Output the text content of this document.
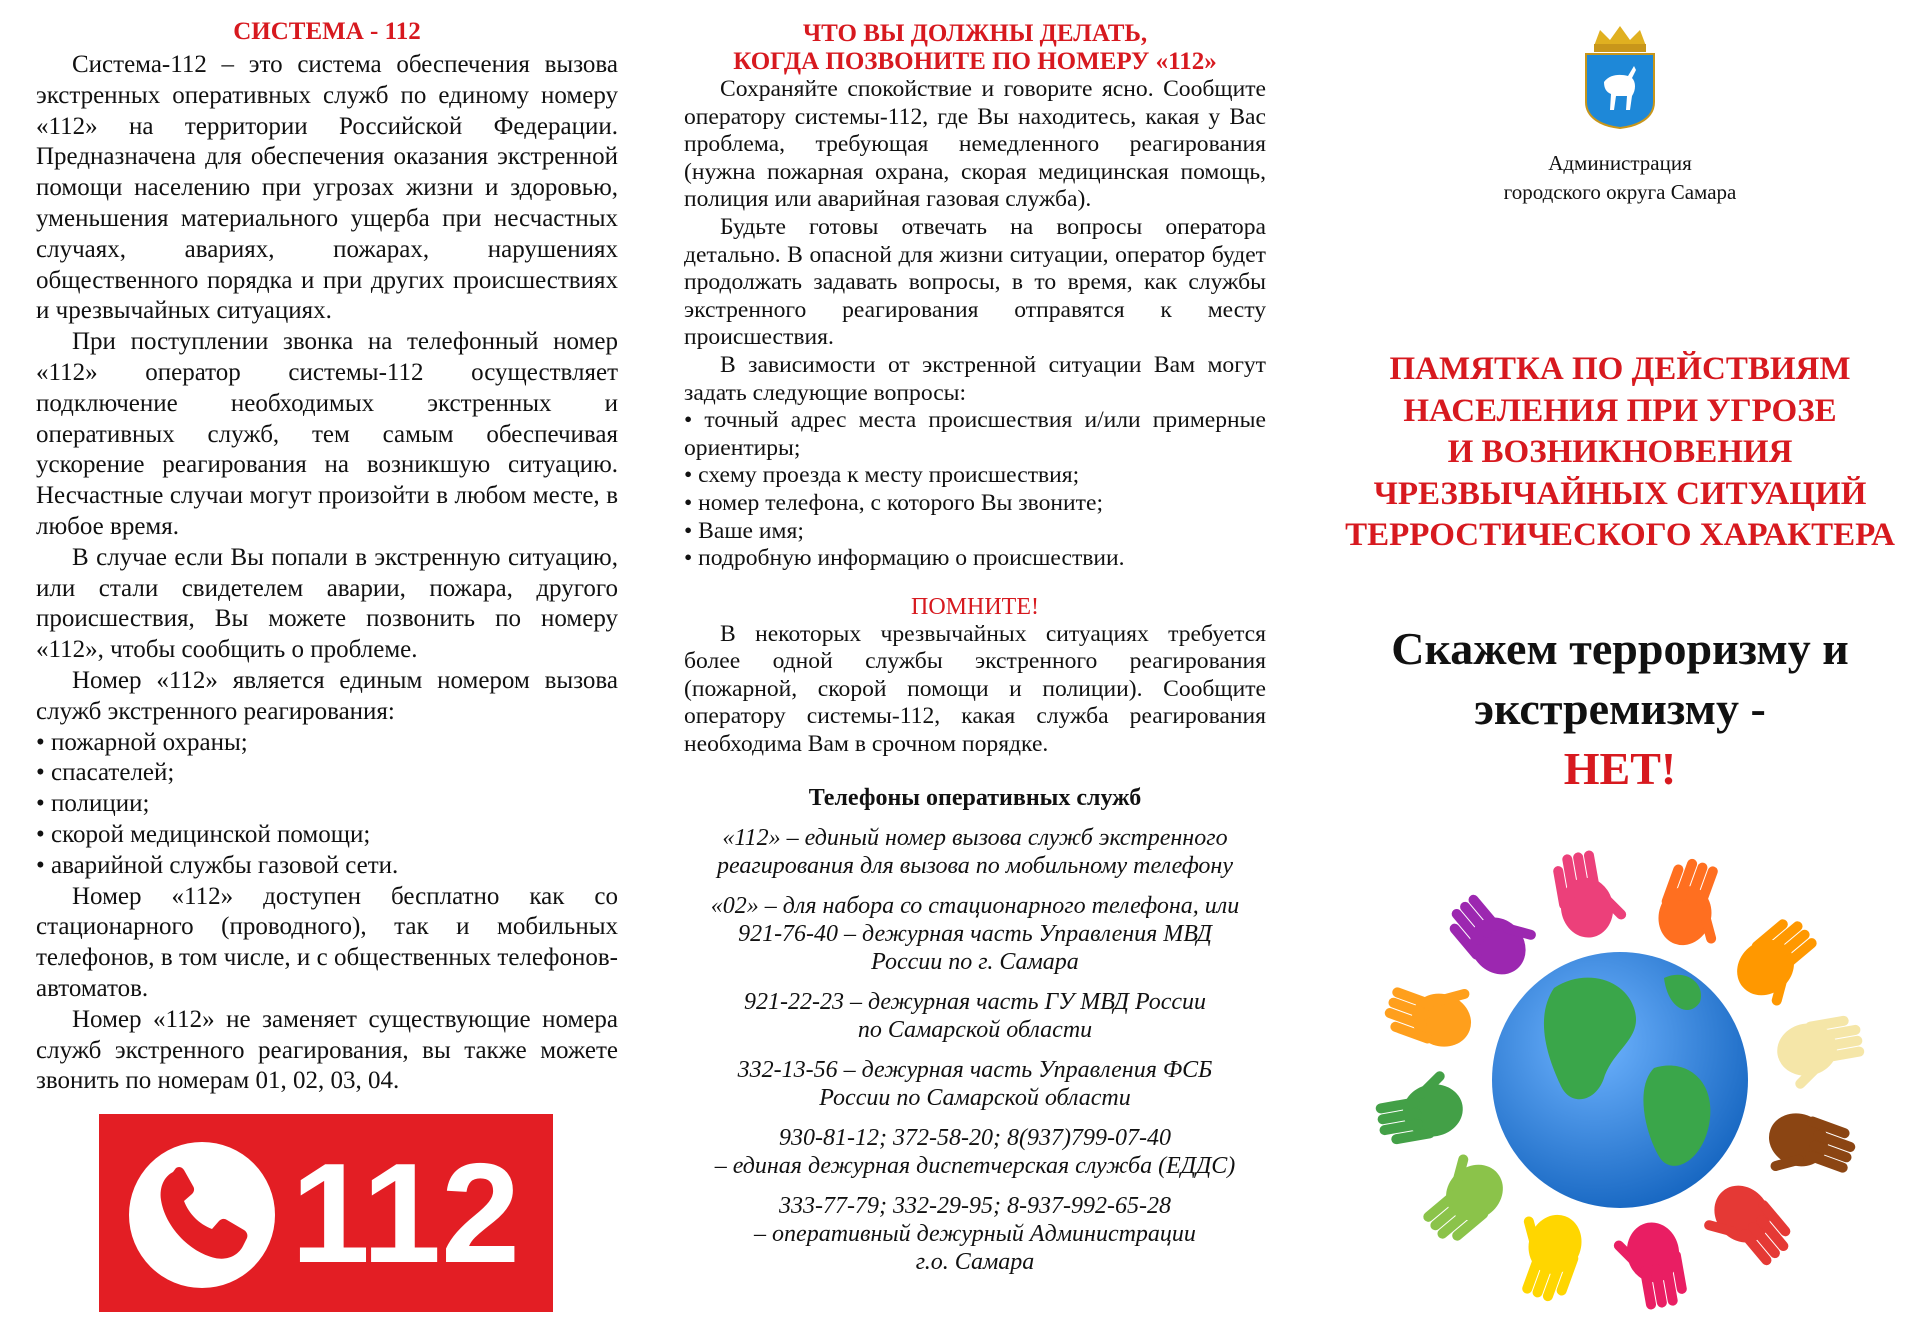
СИСТЕМА - 112

Система-112 – это система обеспечения вызова экстренных оперативных служб по единому номеру «112» на территории Российской Федерации. Предназначена для обеспечения оказания экстренной помощи населению при угрозах жизни и здоровью, уменьшения материального ущерба при несчастных случаях, авариях, пожарах, нарушениях общественного порядка и при других происшествиях и чрезвычайных ситуациях.

При поступлении звонка на телефонный номер «112» оператор системы-112 осуществляет подключение необходимых экстренных и оперативных служб, тем самым обеспечивая ускорение реагирования на возникшую ситуацию. Несчастные случаи могут произойти в любом месте, в любое время.

В случае если Вы попали в экстренную ситуацию, или стали свидетелем аварии, пожара, другого происшествия, Вы можете позвонить по номеру «112», чтобы сообщить о проблеме.

Номер «112» является единым номером вызова служб экстренного реагирования:

• пожарной охраны;

• спасателей;

• полиции;

• скорой медицинской помощи;

• аварийной службы газовой сети.

Номер «112» доступен бесплатно как со стационарного (проводного), так и мобильных телефонов, в том числе, и с общественных телефонов-автоматов.

Номер «112» не заменяет существующие номера служб экстренного реагирования, вы также можете звонить по номерам 01, 02, 03, 04.

112
ЧТО ВЫ ДОЛЖНЫ ДЕЛАТЬ,
КОГДА ПОЗВОНИТЕ ПО НОМЕРУ «112»

Сохраняйте спокойствие и говорите ясно. Сообщите оператору системы-112, где Вы находитесь, какая у Вас проблема, требующая немедленного реагирования (нужна пожарная охрана, скорая медицинская помощь, полиция или аварийная газовая служба).

Будьте готовы отвечать на вопросы оператора детально. В опасной для жизни ситуации, оператор будет продолжать задавать вопросы, в то время, как службы экстренного реагирования отправятся к месту происшествия.

В зависимости от экстренной ситуации Вам могут задать следующие вопросы:

• точный адрес места происшествия и/или примерные ориентиры;

• схему проезда к месту происшествия;

• номер телефона, с которого Вы звоните;

• Ваше имя;

• подробную информацию о происшествии.

ПОМНИТЕ!

В некоторых чрезвычайных ситуациях требуется более одной службы экстренного реагирования (пожарной, скорой помощи и полиции). Сообщите оператору системы-112, какая служба реагирования необходима Вам в срочном порядке.

Телефоны оперативных служб

«112» – единый номер вызова служб экстренного
реагирования для вызова по мобильному телефону

«02» – для набора со стационарного телефона, или
921-76-40 – дежурная часть Управления МВД
России по г. Самара

921-22-23 – дежурная часть ГУ МВД России
по Самарской области

332-13-56 – дежурная часть Управления ФСБ
России по Самарской области

930-81-12; 372-58-20; 8(937)799-07-40
– единая дежурная диспетчерская служба (ЕДДС)

333-77-79; 332-29-95; 8-937-992-65-28
– оперативный дежурный Администрации
г.о. Самара

Администрация
городского округа Самара
ПАМЯТКА ПО ДЕЙСТВИЯМ
НАСЕЛЕНИЯ ПРИ УГРОЗЕ
И ВОЗНИКНОВЕНИЯ
ЧРЕЗВЫЧАЙНЫХ СИТУАЦИЙ
ТЕРРОСТИЧЕСКОГО ХАРАКТЕРА
Скажем терроризму и
экстремизму -
НЕТ!
